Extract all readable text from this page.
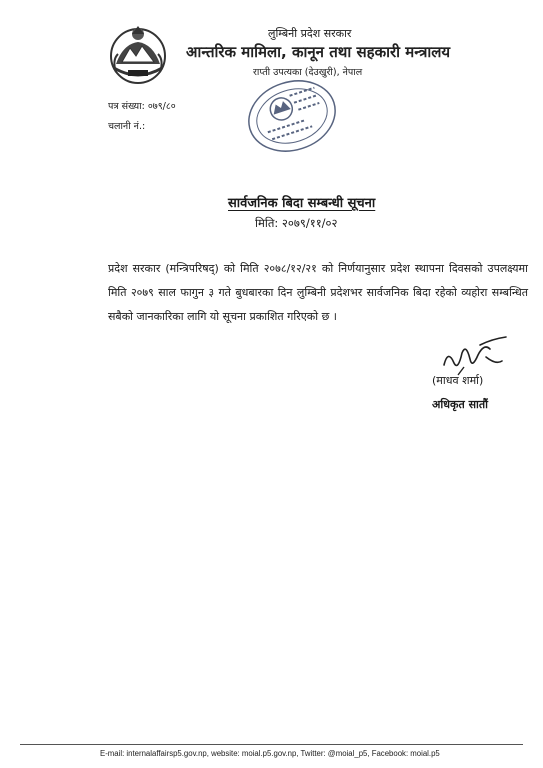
लुम्बिनी प्रदेश सरकार
आन्तरिक मामिला, कानून तथा सहकारी मन्त्रालय
राप्ती उपत्यका (देउखुरी), नेपाल
पत्र संख्या: ०७९/८०
चलानी नं.:
सार्वजनिक बिदा सम्बन्धी सूचना
मिति: २०७९/११/०२
प्रदेश सरकार (मन्त्रिपरिषद्) को मिति २०७८/१२/२१ को निर्णयानुसार प्रदेश स्थापना दिवसको उपलक्ष्यमा मिति २०७९ साल फागुन ३ गते बुधबारका दिन लुम्बिनी प्रदेशभर सार्वजनिक बिदा रहेको व्यहोरा सम्बन्धित सबैको जानकारिका लागि यो सूचना प्रकाशित गरिएको छ ।
(माधव शर्मा)
अधिकृत सातौं
E-mail: internalaffairsp5.gov.np, website: moial.p5.gov.np, Twitter: @moial_p5, Facebook: moial.p5
